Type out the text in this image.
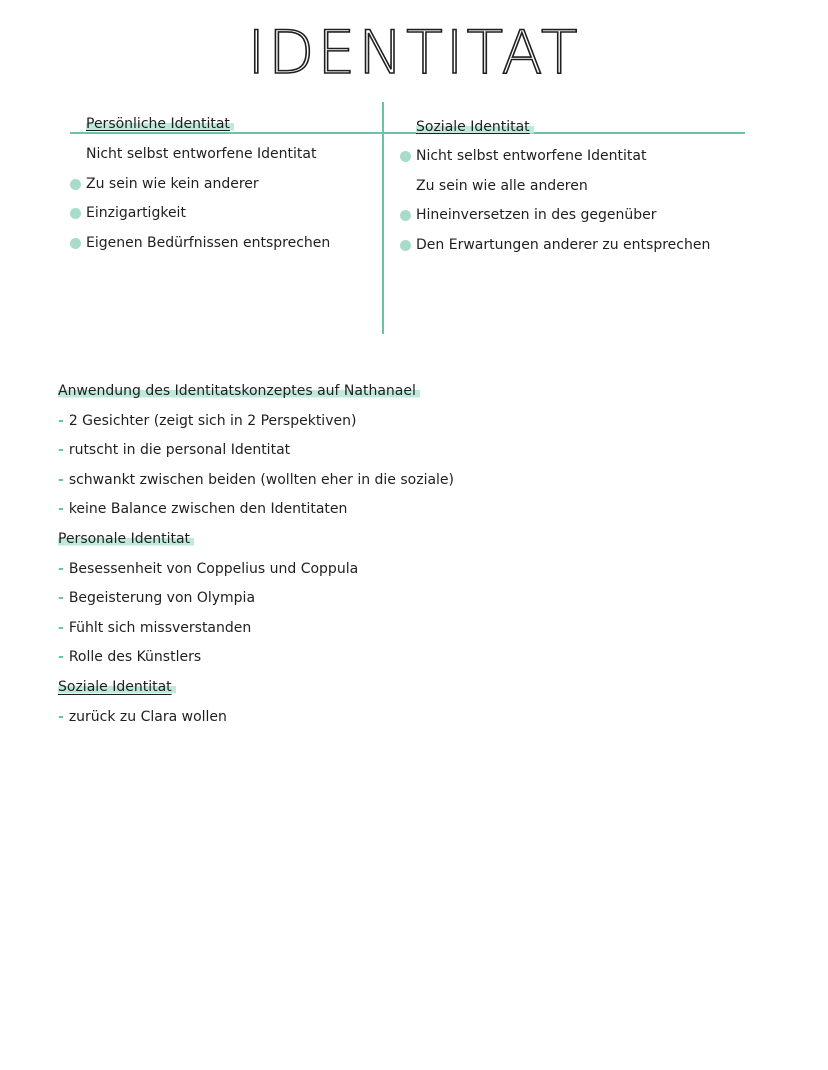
IDENTITAT
Persönliche Identitat	Soziale Identitat
Nicht selbst entworfene Identitat
Zu sein wie kein anderer
Einzigartigkeit
Eigenen Bedürfnissen entsprechen
Nicht selbst entworfene Identitat
Zu sein wie alle anderen
Hineinversetzen in des gegenüber
Den Erwartungen anderer zu entsprechen
Anwendung des Identitatskonzeptes auf Nathanael
- 2 Gesichter (zeigt sich in 2 Perspektiven)
- rutscht in die personal Identitat
- schwankt zwischen beiden (wollten eher in die soziale)
- keine Balance zwischen den Identitaten
Personale Identitat
- Besessenheit von Coppelius und Coppula
- Begeisterung von Olympia
- Fühlt sich missverstanden
- Rolle des Künstlers
Soziale Identitat
- zurück zu Clara wollen
